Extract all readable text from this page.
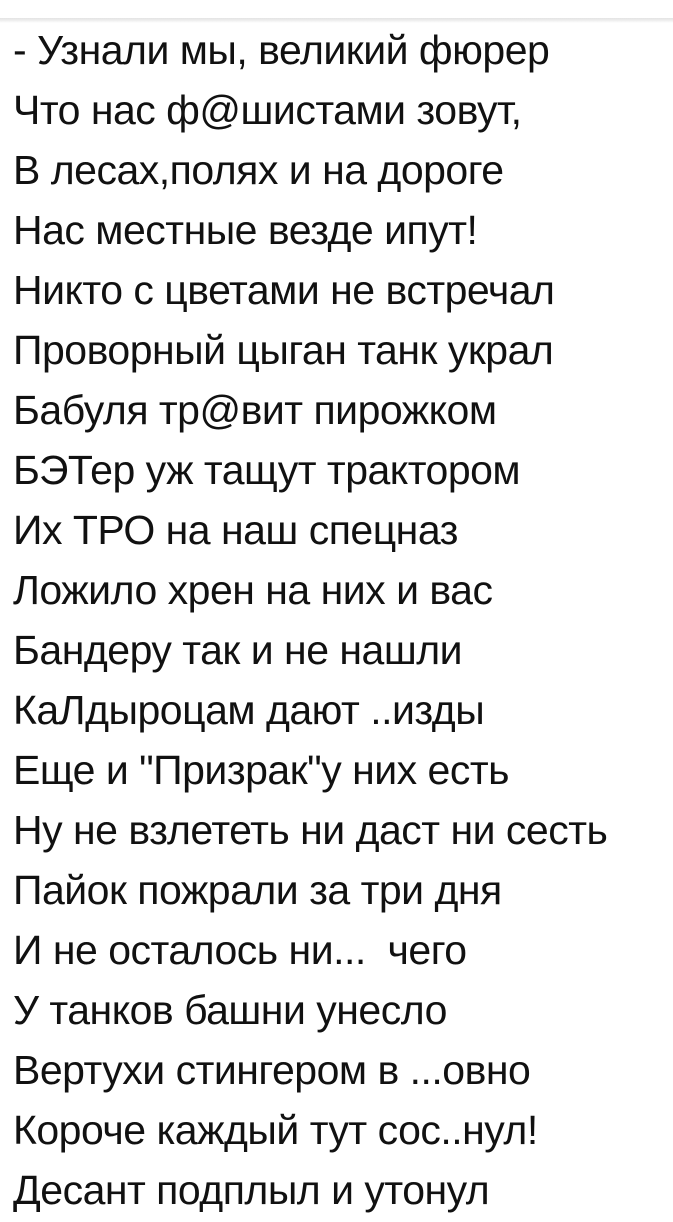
- Узнали мы, великий фюрер
Что нас ф@шистами зовут,
В лесах,полях и на дороге
Нас местные везде ипут!
Никто с цветами не встречал
Проворный цыган танк украл
Бабуля тр@вит пирожком
БЭТер уж тащут трактором
Их ТРО на наш спецназ
Ложило хрен на них и вас
Бандеру так и не нашли
КаЛдыроцам дают ..изды
Еще и "Призрак"у них есть
Ну не взлететь ни даст ни сесть
Пайок пожрали за три дня
И не осталось ни...  чего
У танков башни унесло
Вертухи стингером в ...овно
Короче каждый тут сос..нул!
Десант подплыл и утонул
